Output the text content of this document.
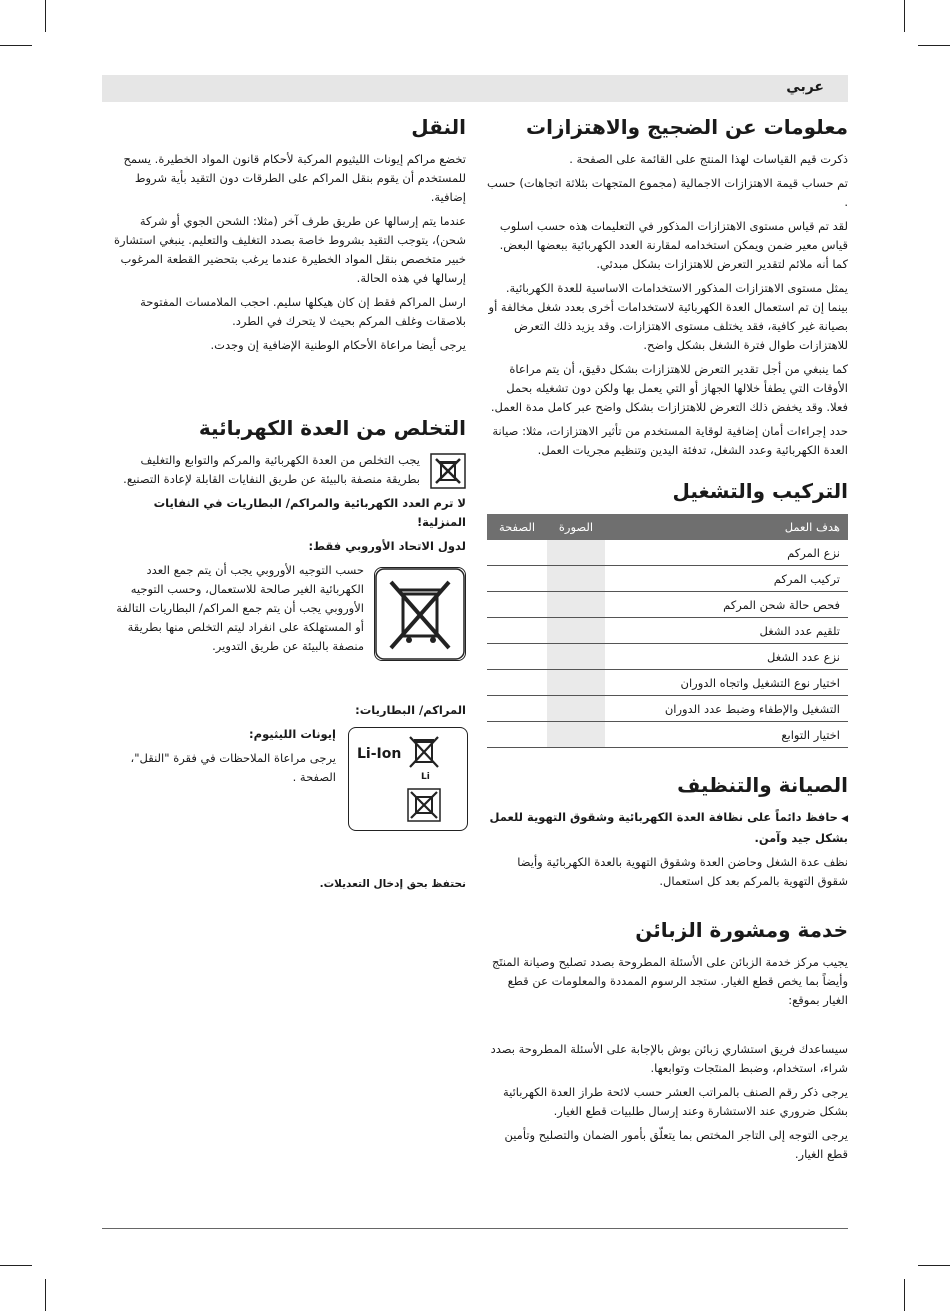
عربي
معلومات عن الضجيج والاهتزازات

ذكرت قيم القياسات لهذا المنتج على القائمة على الصفحة .

تم حساب قيمة الاهتزازات الاجمالية (مجموع المتجهات بثلاثة اتجاهات) حسب .

لقد تم قياس مستوى الاهتزازات المذكور في التعليمات هذه حسب اسلوب قياس معير ضمن ويمكن استخدامه لمقارنة العدد الكهربائية ببعضها البعض. كما أنه ملائم لتقدير التعرض للاهتزازات بشكل مبدئي.

يمثل مستوى الاهتزازات المذكور الاستخدامات الاساسية للعدة الكهربائية. بينما إن تم استعمال العدة الكهربائية لاستخدامات أخرى بعدد شغل مخالفة أو بصيانة غير كافية، فقد يختلف مستوى الاهتزازات. وقد يزيد ذلك التعرض للاهتزازات طوال فترة الشغل بشكل واضح.

كما ينبغي من أجل تقدير التعرض للاهتزازات بشكل دقيق، أن يتم مراعاة الأوقات التي يطفأ خلالها الجهاز أو التي يعمل بها ولكن دون تشغيله بحمل فعلا. وقد يخفض ذلك التعرض للاهتزازات بشكل واضح عبر كامل مدة العمل.

حدد إجراءات أمان إضافية لوقاية المستخدم من تأثير الاهتزازات، مثلا: صيانة العدة الكهربائية وعدد الشغل، تدفئة اليدين وتنظيم مجريات العمل.

التركيب والتشغيل
هدف العمل	الصورة	الصفحة
نزع المركم		
تركيب المركم		
فحص حالة شحن المركم		
تلقيم عدد الشغل		
نزع عدد الشغل		
اختيار نوع التشغيل واتجاه الدوران		
التشغيل والإطفاء وضبط عدد الدوران		
اختيار التوابع		
الصيانة والتنظيف

◀ حافظ دائماً على نظافة العدة الكهربائية وشقوق التهوية للعمل بشكل جيد وآمن.

نظف عدة الشغل وحاضن العدة وشقوق التهوية بالعدة الكهربائية وأيضا شقوق التهوية بالمركم بعد كل استعمال.

خدمة ومشورة الزبائن

يجيب مركز خدمة الزبائن على الأسئلة المطروحة بصدد تصليح وصيانة المنتَج وأيضاً بما يخص قطع الغيار. ستجد الرسوم الممددة والمعلومات عن قطع الغيار بموقع:

سيساعدك فريق استشاري زبائن بوش بالإجابة على الأسئلة المطروحة بصدد شراء، استخدام، وضبط المنتَجات وتوابعها.

يرجى ذكر رقم الصنف بالمراتب العشر حسب لائحة طراز العدة الكهربائية بشكل ضروري عند الاستشارة وعند إرسال طلبيات قطع الغيار.

يرجى التوجه إلى التاجر المختص بما يتعلّق بأمور الضمان والتصليح وتأمين قطع الغيار.

النقل

تخضع مراكم إيونات الليثيوم المركبة لأحكام قانون المواد الخطيرة. يسمح للمستخدم أن يقوم بنقل المراكم على الطرقات دون التقيد بأية شروط إضافية.

عندما يتم إرسالها عن طريق طرف آخر (مثلا: الشحن الجوي أو شركة شحن)، يتوجب التقيد بشروط خاصة بصدد التغليف والتعليم. ينبغي استشارة خبير متخصص بنقل المواد الخطيرة عندما يرغب بتحضير القطعة المرغوب إرسالها في هذه الحالة.

ارسل المراكم فقط إن كان هيكلها سليم. احجب الملامسات المفتوحة بلاصقات وغلف المركم بحيث لا يتحرك في الطرد.

يرجى أيضا مراعاة الأحكام الوطنية الإضافية إن وجدت.

التخلص من العدة الكهربائية

يجب التخلص من العدة الكهربائية والمركم والتوابع والتغليف بطريقة منصفة بالبيئة عن طريق النفايات القابلة لإعادة التصنيع.

لا ترم العدد الكهربائية والمراكم/ البطاريات في النفايات المنزلية!

لدول الاتحاد الأوروبي فقط:

حسب التوجيه الأوروبي يجب أن يتم جمع العدد الكهربائية الغير صالحة للاستعمال، وحسب التوجيه الأوروبي يجب أن يتم جمع المراكم/ البطاريات التالفة أو المستهلكة على انفراد ليتم التخلص منها بطريقة منصفة بالبيئة عن طريق التدوير.

المراكم/ البطاريات:

Li
Li-Ion

إيونات الليثيوم:

يرجى مراعاة الملاحظات في فقرة "النقل"، الصفحة .

نحتفظ بحق إدخال التعديلات.
